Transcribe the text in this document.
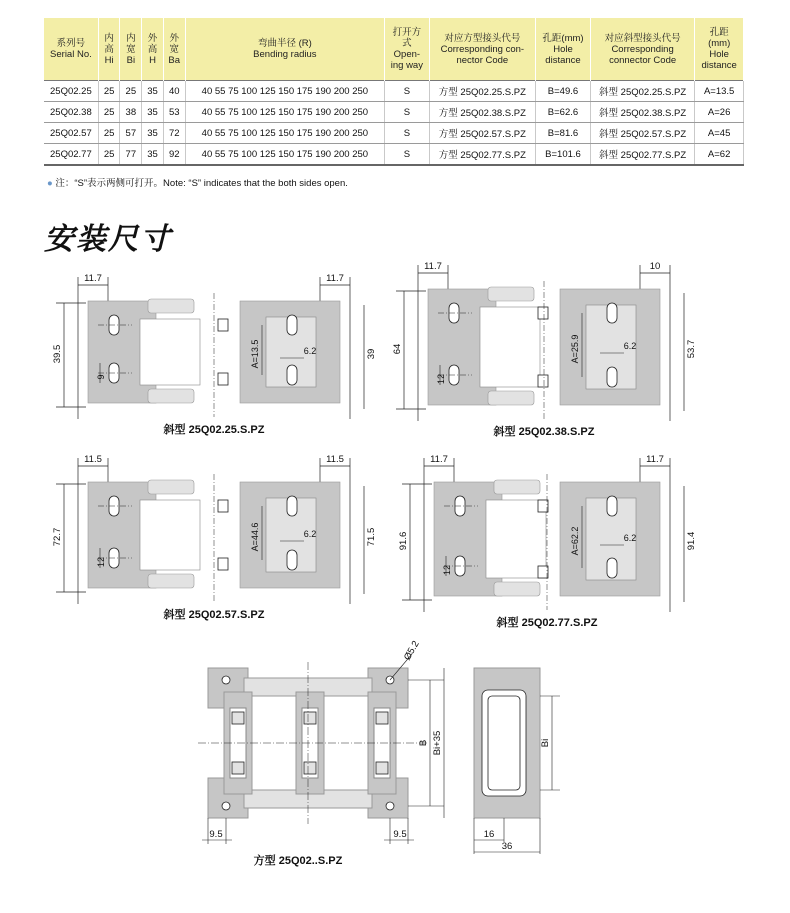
系列号
Serial No.	内
高
Hi	内
宽
Bi	外
高
H	外
宽
Ba	弯曲半径 (R)
Bending radius	打开方
式
Open-
ing way	对应方型接头代号
Corresponding con-
nector Code	孔距(mm)
Hole
distance	对应斜型接头代号
Corresponding
connector Code	孔距
(mm)
Hole
distance

25Q02.25	25	25	35	40	40 55 75 100 125 150 175 190 200 250	S	方型 25Q02.25.S.PZ	B=49.6	斜型 25Q02.25.S.PZ	A=13.5
25Q02.38	25	38	35	53	40 55 75 100 125 150 175 190 200 250	S	方型 25Q02.38.S.PZ	B=62.6	斜型 25Q02.38.S.PZ	A=26
25Q02.57	25	57	35	72	40 55 75 100 125 150 175 190 200 250	S	方型 25Q02.57.S.PZ	B=81.6	斜型 25Q02.57.S.PZ	A=45
25Q02.77	25	77	35	92	40 55 75 100 125 150 175 190 200 250	S	方型 25Q02.77.S.PZ	B=101.6	斜型 25Q02.77.S.PZ	A=62
● 注：“S”表示两侧可打开。Note: “S” indicates that the both sides open.
安装尺寸
11.7	11.7
39.5	39
9
A=13.5	6.2
斜型 25Q02.25.S.PZ
11.7	10
64	53.7
12
A=25.9	6.2
斜型 25Q02.38.S.PZ
11.5	11.5
72.7	71.5
12
A=44.6	6.2
斜型 25Q02.57.S.PZ
11.7	11.7
91.6	91.4
12
A=62.2	6.2
斜型 25Q02.77.S.PZ
B Bi+35
Ø5.2
9.5	9.5
方型 25Q02..S.PZ
Bi
16
36
